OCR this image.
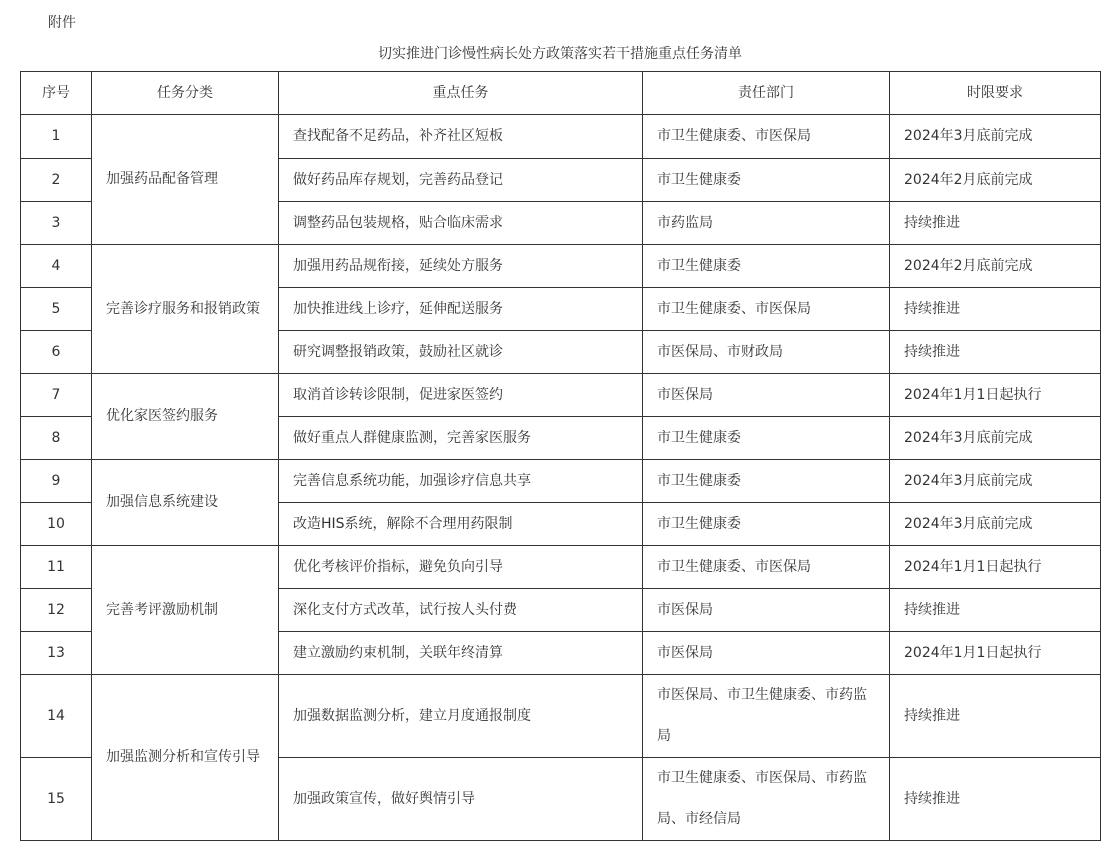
附件
切实推进门诊慢性病长处方政策落实若干措施重点任务清单
序号	任务分类	重点任务	责任部门	时限要求
1	加强药品配备管理	查找配备不足药品，补齐社区短板	市卫生健康委、市医保局	2024年3月底前完成
2		做好药品库存规划，完善药品登记	市卫生健康委	2024年2月底前完成
3		调整药品包装规格，贴合临床需求	市药监局	持续推进
4	完善诊疗服务和报销政策	加强用药品规衔接，延续处方服务	市卫生健康委	2024年2月底前完成
5		加快推进线上诊疗，延伸配送服务	市卫生健康委、市医保局	持续推进
6		研究调整报销政策，鼓励社区就诊	市医保局、市财政局	持续推进
7	优化家医签约服务	取消首诊转诊限制，促进家医签约	市医保局	2024年1月1日起执行
8		做好重点人群健康监测，完善家医服务	市卫生健康委	2024年3月底前完成
9	加强信息系统建设	完善信息系统功能，加强诊疗信息共享	市卫生健康委	2024年3月底前完成
10		改造HIS系统，解除不合理用药限制	市卫生健康委	2024年3月底前完成
11	完善考评激励机制	优化考核评价指标，避免负向引导	市卫生健康委、市医保局	2024年1月1日起执行
12		深化支付方式改革，试行按人头付费	市医保局	持续推进
13		建立激励约束机制，关联年终清算	市医保局	2024年1月1日起执行
14	加强监测分析和宣传引导	加强数据监测分析，建立月度通报制度	市医保局、市卫生健康委、市药监局	持续推进
15		加强政策宣传，做好舆情引导	市卫生健康委、市医保局、市药监局、市经信局	持续推进
